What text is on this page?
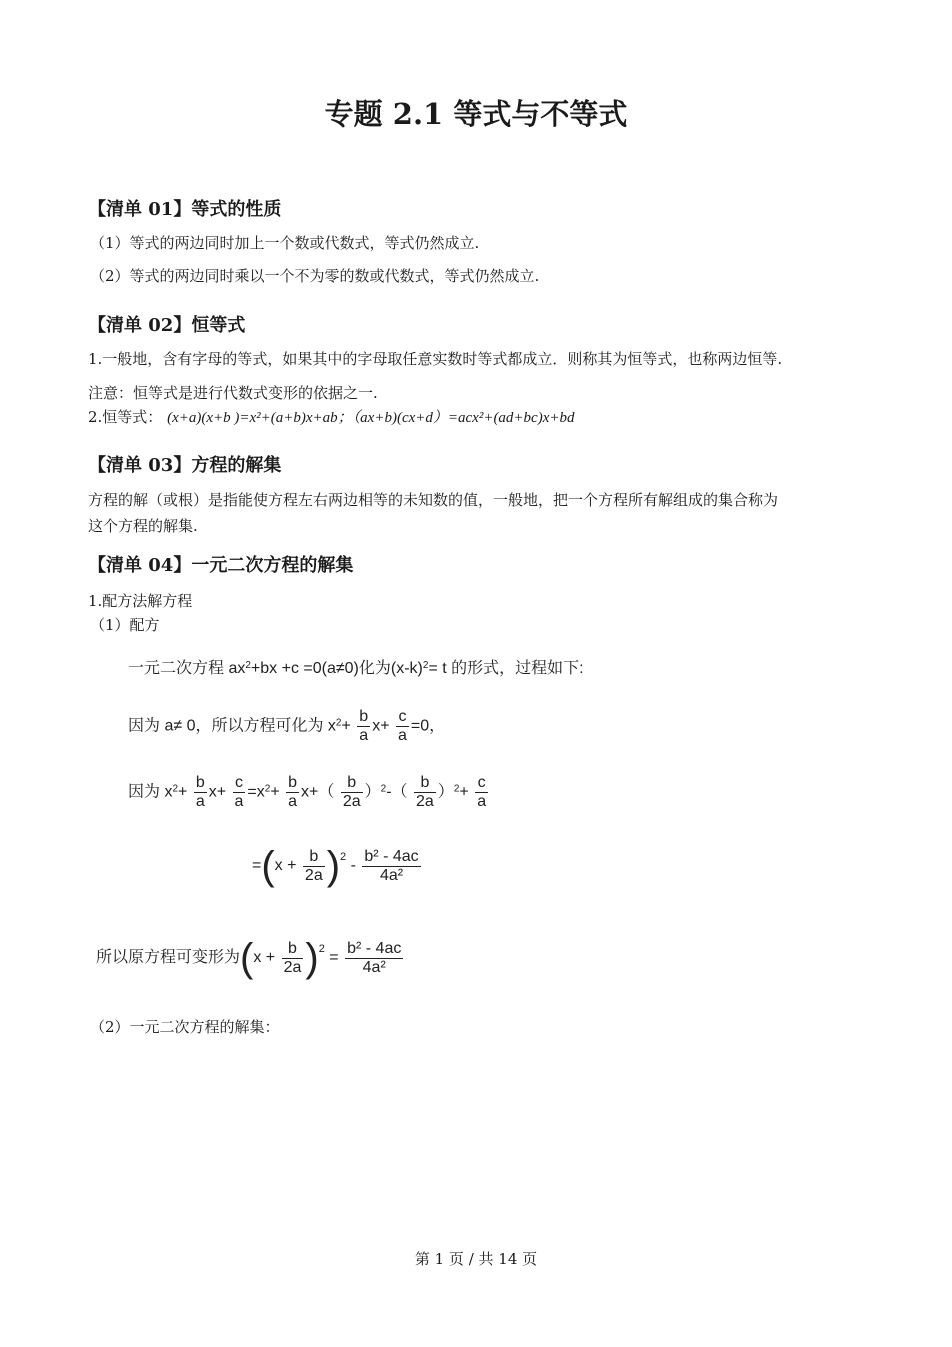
专题 2.1 等式与不等式
【清单 01】等式的性质
（1）等式的两边同时加上一个数或代数式，等式仍然成立.
（2）等式的两边同时乘以一个不为零的数或代数式，等式仍然成立.
【清单 02】恒等式
1.一般地，含有字母的等式，如果其中的字母取任意实数时等式都成立．则称其为恒等式，也称两边恒等.
注意：恒等式是进行代数式变形的依据之一.
2.恒等式： (x+a)(x+b )=x²+(a+b)x+ab；（ax+b)(cx+d）=acx²+(ad+bc)x+bd
【清单 03】方程的解集
方程的解（或根）是指能使方程左右两边相等的未知数的值，一般地，把一个方程所有解组成的集合称为
这个方程的解集.
【清单 04】一元二次方程的解集
1.配方法解方程
（1）配方
一元二次方程 $ax^2+bx +c =0(a\ne 0)$化为$(x-k)^2= t$ 的形式，过程如下:
因为 a≠ 0，所以方程可化为 $x^2+ \frac{b}{a} x+ \frac{c}{a} =0$，
因为 $x^2+ \frac{b}{a} x+ \frac{c}{a} =x^2+ \frac{b}{a} x+( \frac{b}{2a} )^2-( \frac{b}{2a} )^2+ \frac{c}{a}$
$=(x + \frac{b}{2a} )^2 - \frac{\text{b² - 4ac}}{\text{4a²}}$
所以原方程可变形为$(x + \frac{b}{2a} )^2 = \frac{\text{b² - 4ac}}{\text{4a²}}$
（2）一元二次方程的解集：
第 1 页 / 共 14 页
